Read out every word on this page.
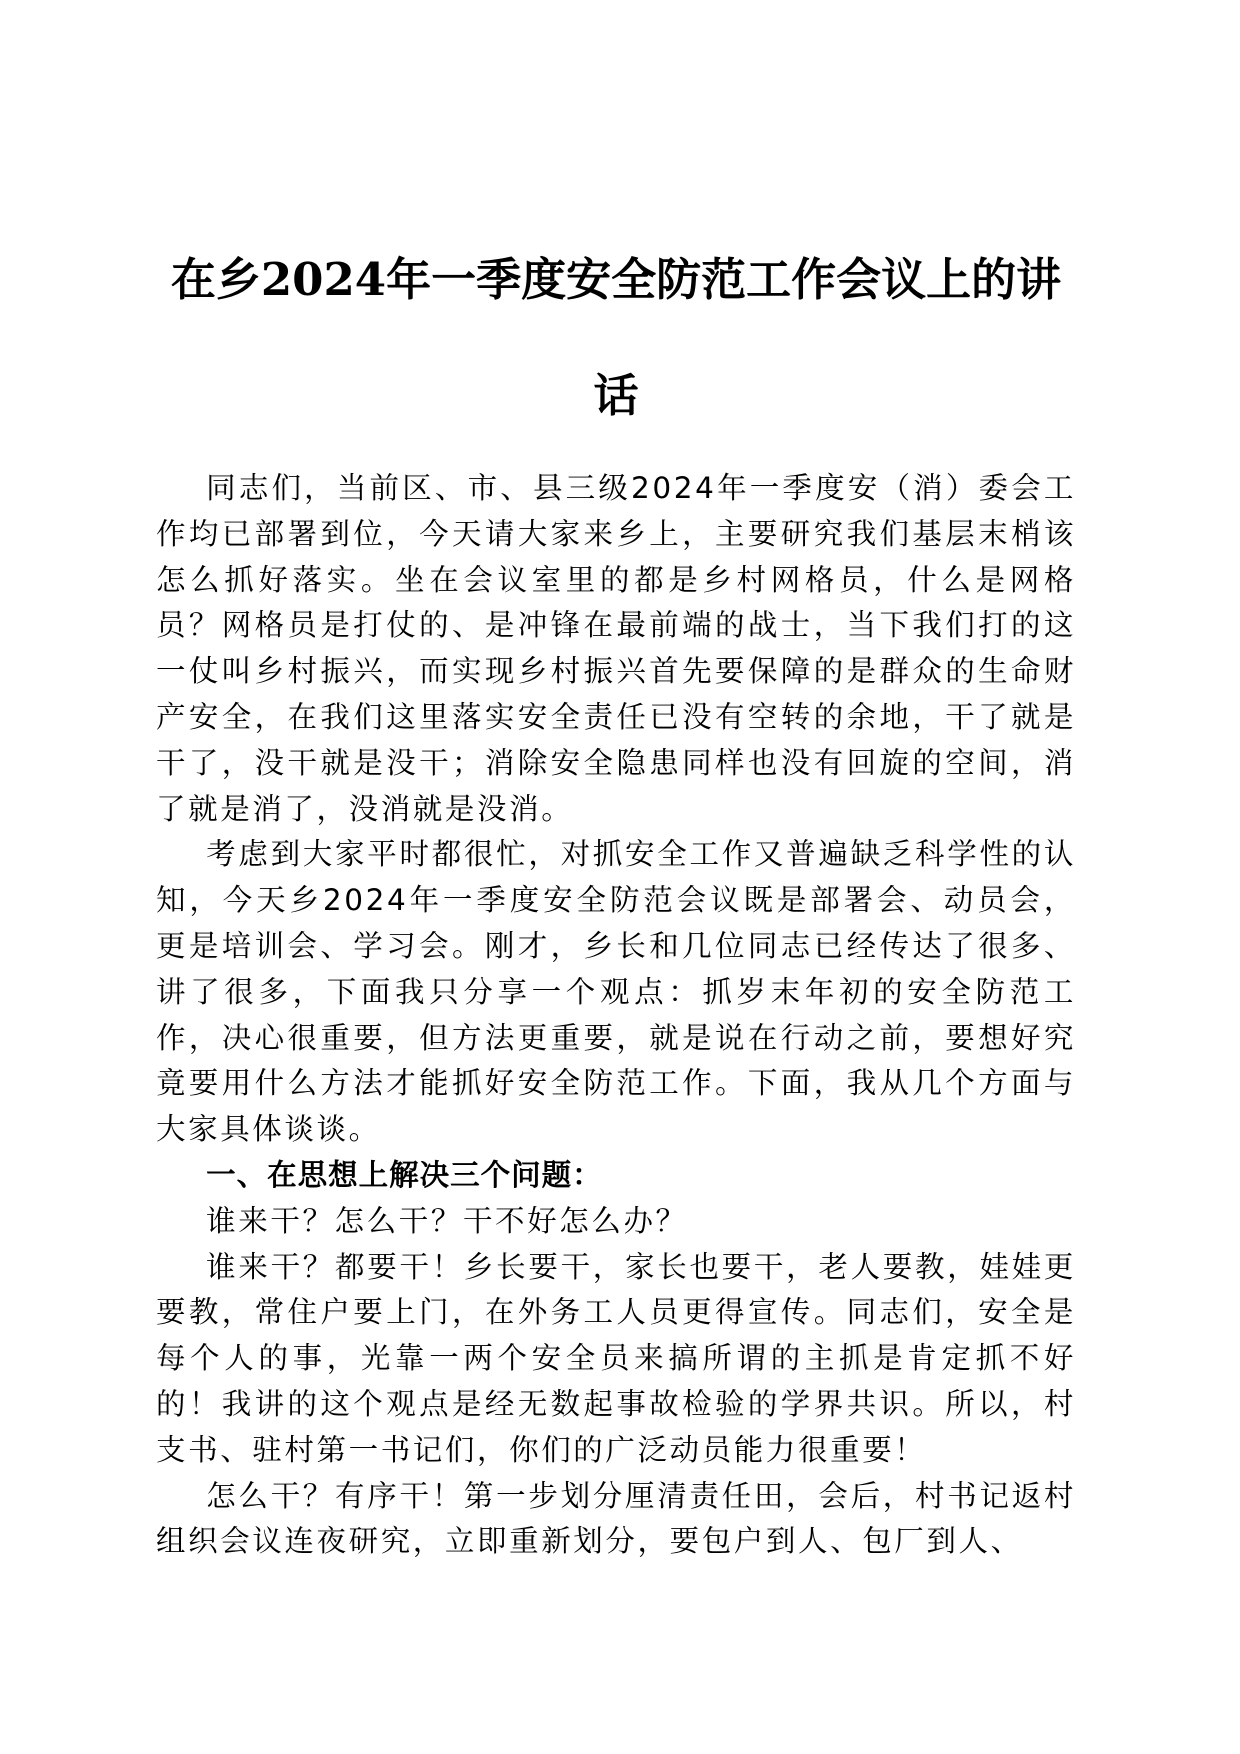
在乡2024年一季度安全防范工作会议上的讲话

同志们，当前区、市、县三级2024年一季度安（消）委会工作均已部署到位，今天请大家来乡上，主要研究我们基层末梢该怎么抓好落实。坐在会议室里的都是乡村网格员，什么是网格员？网格员是打仗的、是冲锋在最前端的战士，当下我们打的这一仗叫乡村振兴，而实现乡村振兴首先要保障的是群众的生命财产安全，在我们这里落实安全责任已没有空转的余地，干了就是干了，没干就是没干；消除安全隐患同样也没有回旋的空间，消了就是消了，没消就是没消。

考虑到大家平时都很忙，对抓安全工作又普遍缺乏科学性的认知，今天乡2024年一季度安全防范会议既是部署会、动员会，更是培训会、学习会。刚才，乡长和几位同志已经传达了很多、讲了很多，下面我只分享一个观点：抓岁末年初的安全防范工作，决心很重要，但方法更重要，就是说在行动之前，要想好究竟要用什么方法才能抓好安全防范工作。下面，我从几个方面与大家具体谈谈。

一、在思想上解决三个问题：

谁来干？怎么干？干不好怎么办？

谁来干？都要干！乡长要干，家长也要干，老人要教，娃娃更要教，常住户要上门，在外务工人员更得宣传。同志们，安全是每个人的事，光靠一两个安全员来搞所谓的主抓是肯定抓不好的！我讲的这个观点是经无数起事故检验的学界共识。所以，村支书、驻村第一书记们，你们的广泛动员能力很重要！

怎么干？有序干！第一步划分厘清责任田，会后，村书记返村组织会议连夜研究，立即重新划分，要包户到人、包厂到人、
